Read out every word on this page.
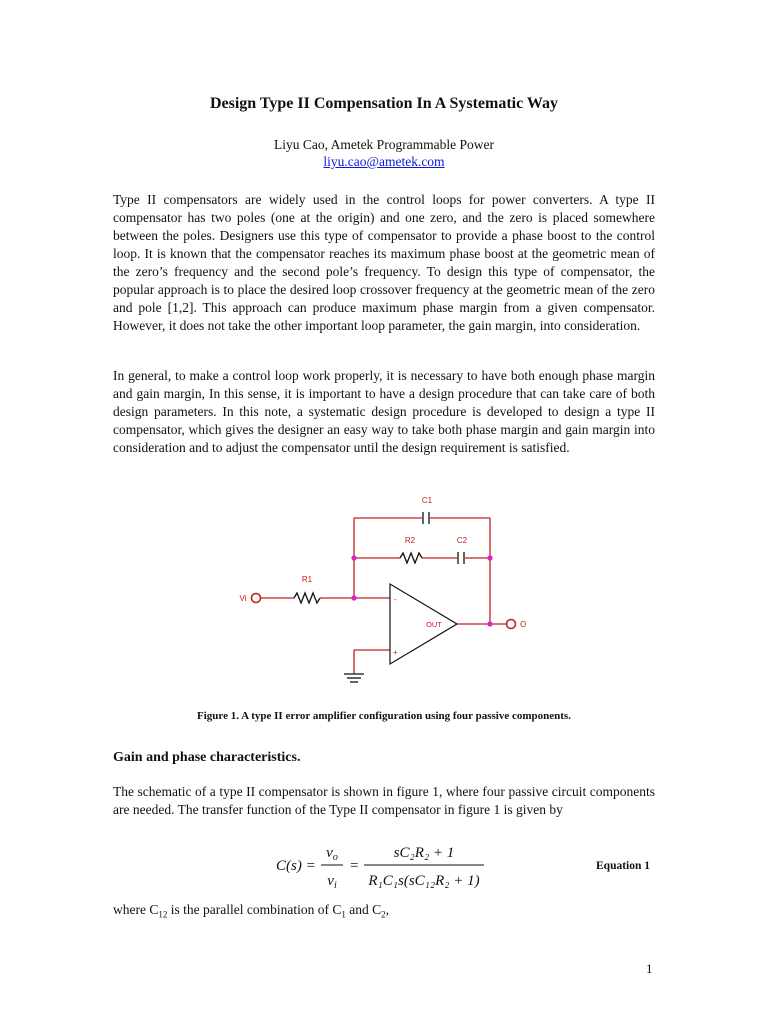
Design Type II Compensation In A Systematic Way
Liyu Cao, Ametek Programmable Power
liyu.cao@ametek.com

Type II compensators are widely used in the control loops for power converters. A type II compensator has two poles (one at the origin) and one zero, and the zero is placed somewhere between the poles. Designers use this type of compensator to provide a phase boost to the control loop. It is known that the compensator reaches its maximum phase boost at the geometric mean of the zero’s frequency and the second pole’s frequency. To design this type of compensator, the popular approach is to place the desired loop crossover frequency at the geometric mean of the zero and pole [1,2]. This approach can produce maximum phase margin from a given compensator. However, it does not take the other important loop parameter, the gain margin, into consideration.

In general, to make a control loop work properly, it is necessary to have both enough phase margin and gain margin, In this sense, it is important to have a design procedure that can take care of both design parameters. In this note, a systematic design procedure is developed to design a type II compensator, which gives the designer an easy way to take both phase margin and gain margin into consideration and to adjust the compensator until the design requirement is satisfied.

C1
C2
R2
R1
Vi
O
OUT
-
+
Figure 1. A type II error amplifier configuration using four passive components.
Gain and phase characteristics.

The schematic of a type II compensator is shown in figure 1, where four passive circuit components are needed. The transfer function of the Type II compensator in figure 1 is given by

C(s) =
$v_o$
$v_i$
=
sC₂R₂ + 1
R₁C₁s(sC₁₂R₂ + 1)
Equation 1
where $C_{12}$ is the parallel combination of $C_1$ and $C_2$,
1
